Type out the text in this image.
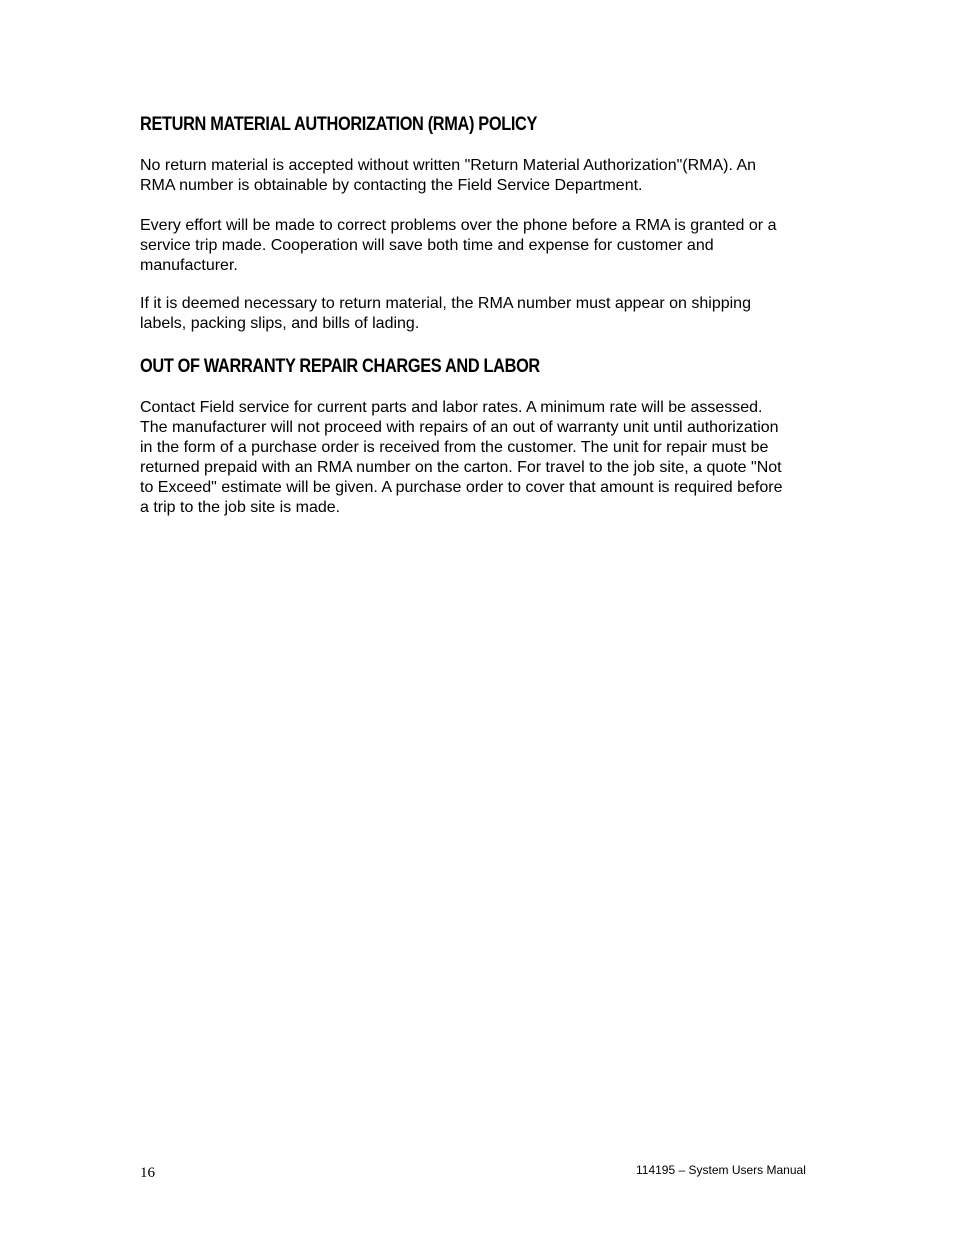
RETURN MATERIAL AUTHORIZATION (RMA) POLICY

No return material is accepted without written "Return Material Authorization"(RMA). An
RMA number is obtainable by contacting the Field Service Department.

Every effort will be made to correct problems over the phone before a RMA is granted or a
service trip made. Cooperation will save both time and expense for customer and
manufacturer.

If it is deemed necessary to return material, the RMA number must appear on shipping
labels, packing slips, and bills of lading.

OUT OF WARRANTY REPAIR CHARGES AND LABOR

Contact Field service for current parts and labor rates. A minimum rate will be assessed.
The manufacturer will not proceed with repairs of an out of warranty unit until authorization
in the form of a purchase order is received from the customer. The unit for repair must be
returned prepaid with an RMA number on the carton. For travel to the job site, a quote "Not
to Exceed" estimate will be given. A purchase order to cover that amount is required before
a trip to the job site is made.

16	114195 – System Users Manual
